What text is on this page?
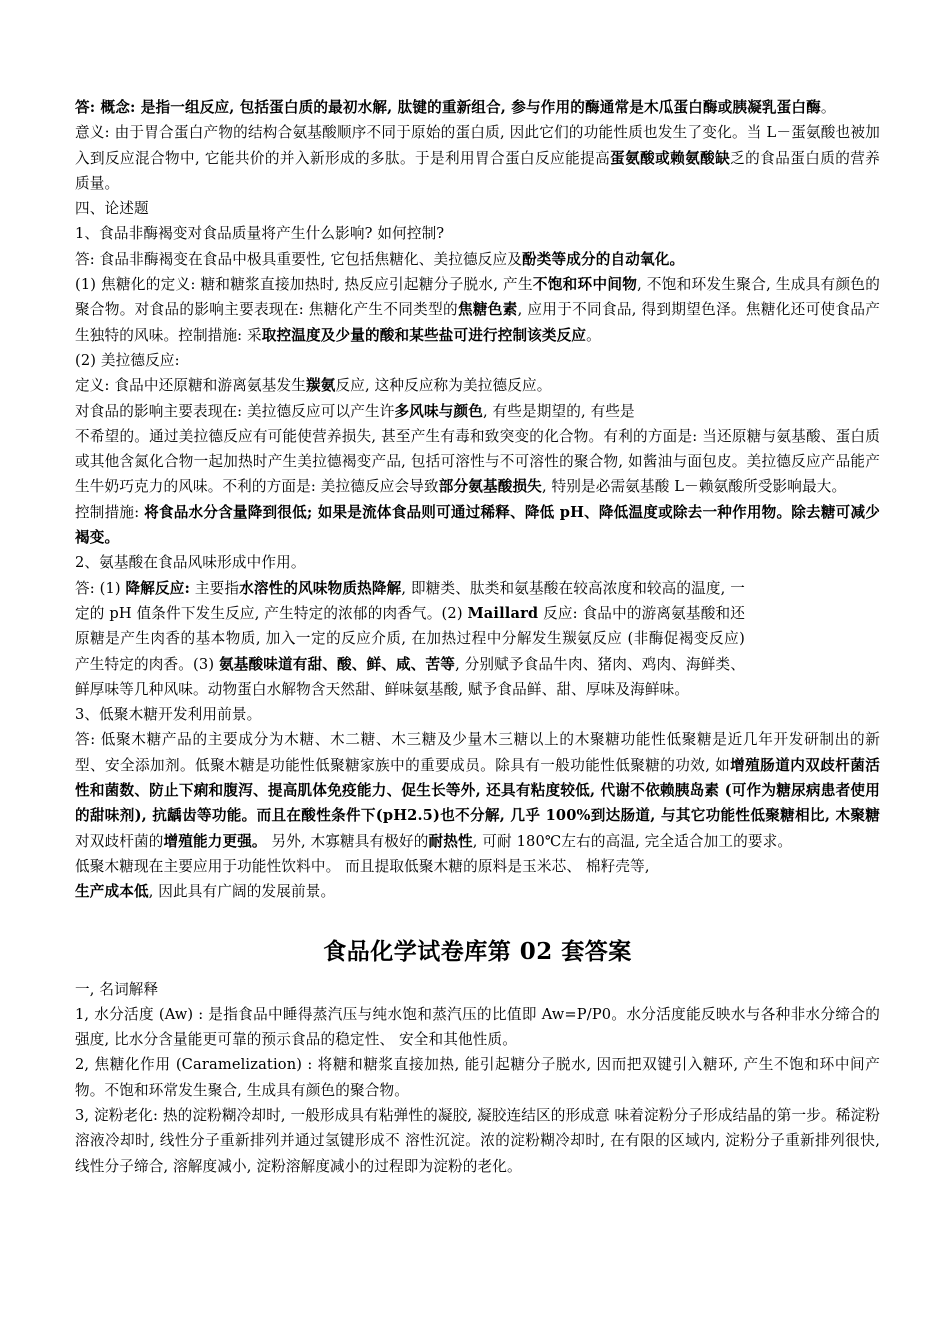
答: 概念: 是指一组反应, 包括蛋白质的最初水解, 肽键的重新组合, 参与作用的酶通常是木瓜蛋白酶或胰凝乳蛋白酶。

意义: 由于胃合蛋白产物的结构合氨基酸顺序不同于原始的蛋白质, 因此它们的功能性质也发生了变化。当 L－蛋氨酸也被加入到反应混合物中, 它能共价的并入新形成的多肽。于是利用胃合蛋白反应能提高蛋氨酸或赖氨酸缺乏的食品蛋白质的营养质量。

四、论述题

1、食品非酶褐变对食品质量将产生什么影响? 如何控制?

答: 食品非酶褐变在食品中极具重要性, 它包括焦糖化、美拉德反应及酚类等成分的自动氧化。

(1) 焦糖化的定义: 糖和糖浆直接加热时, 热反应引起糖分子脱水, 产生不饱和环中间物, 不饱和环发生聚合, 生成具有颜色的聚合物。对食品的影响主要表现在: 焦糖化产生不同类型的焦糖色素, 应用于不同食品, 得到期望色泽。焦糖化还可使食品产生独特的风味。控制措施: 采取控温度及少量的酸和某些盐可进行控制该类反应。

(2) 美拉德反应:

定义: 食品中还原糖和游离氨基发生羰氨反应, 这种反应称为美拉德反应。

对食品的影响主要表现在: 美拉德反应可以产生许多风味与颜色, 有些是期望的, 有些是

不希望的。通过美拉德反应有可能使营养损失, 甚至产生有毒和致突变的化合物。有利的方面是: 当还原糖与氨基酸、蛋白质或其他含氮化合物一起加热时产生美拉德褐变产品, 包括可溶性与不可溶性的聚合物, 如酱油与面包皮。美拉德反应产品能产生牛奶巧克力的风味。不利的方面是: 美拉德反应会导致部分氨基酸损失, 特别是必需氨基酸 L－赖氨酸所受影响最大。

控制措施: 将食品水分含量降到很低; 如果是流体食品则可通过稀释、降低 pH、降低温度或除去一种作用物。除去糖可减少褐变。

2、氨基酸在食品风味形成中作用。

答: (1) 降解反应: 主要指水溶性的风味物质热降解, 即糖类、肽类和氨基酸在较高浓度和较高的温度, 一定的 pH 值条件下发生反应, 产生特定的浓郁的肉香气。(2) Maillard 反应: 食品中的游离氨基酸和还原糖是产生肉香的基本物质, 加入一定的反应介质, 在加热过程中分解发生羰氨反应 (非酶促褐变反应) 产生特定的肉香。(3) 氨基酸味道有甜、酸、鲜、咸、苦等, 分别赋予食品牛肉、猪肉、鸡肉、海鲜类、鲜厚味等几种风味。动物蛋白水解物含天然甜、鲜味氨基酸, 赋予食品鲜、甜、厚味及海鲜味。

3、低聚木糖开发利用前景。

答: 低聚木糖产品的主要成分为木糖、木二糖、木三糖及少量木三糖以上的木聚糖功能性低聚糖是近几年开发研制出的新型、安全添加剂。低聚木糖是功能性低聚糖家族中的重要成员。除具有一般功能性低聚糖的功效, 如增殖肠道内双歧杆菌活性和菌数、防止下痢和腹泻、提高肌体免疫能力、促生长等外, 还具有粘度较低, 代谢不依赖胰岛素 (可作为糖尿病患者使用的甜味剂), 抗龋齿等功能。而且在酸性条件下(pH2.5)也不分解, 几乎 100%到达肠道, 与其它功能性低聚糖相比, 木聚糖对双歧杆菌的增殖能力更强。 另外, 木寡糖具有极好的耐热性, 可耐 180℃左右的高温, 完全适合加工的要求。

低聚木糖现在主要应用于功能性饮料中。 而且提取低聚木糖的原料是玉米芯、 棉籽壳等,

生产成本低, 因此具有广阔的发展前景。

食品化学试卷库第 02 套答案

一, 名词解释

1, 水分活度 (Aw) : 是指食品中睡得蒸汽压与纯水饱和蒸汽压的比值即 Aw=P/P0。水分活度能反映水与各种非水分缔合的强度, 比水分含量能更可靠的预示食品的稳定性、 安全和其他性质。

2, 焦糖化作用 (Caramelization) : 将糖和糖浆直接加热, 能引起糖分子脱水, 因而把双键引入糖环, 产生不饱和环中间产物。不饱和环常发生聚合, 生成具有颜色的聚合物。

3, 淀粉老化: 热的淀粉糊冷却时, 一般形成具有粘弹性的凝胶, 凝胶连结区的形成意 味着淀粉分子形成结晶的第一步。稀淀粉溶液冷却时, 线性分子重新排列并通过氢键形成不 溶性沉淀。浓的淀粉糊冷却时, 在有限的区域内, 淀粉分子重新排列很快, 线性分子缔合, 溶解度减小, 淀粉溶解度减小的过程即为淀粉的老化。
